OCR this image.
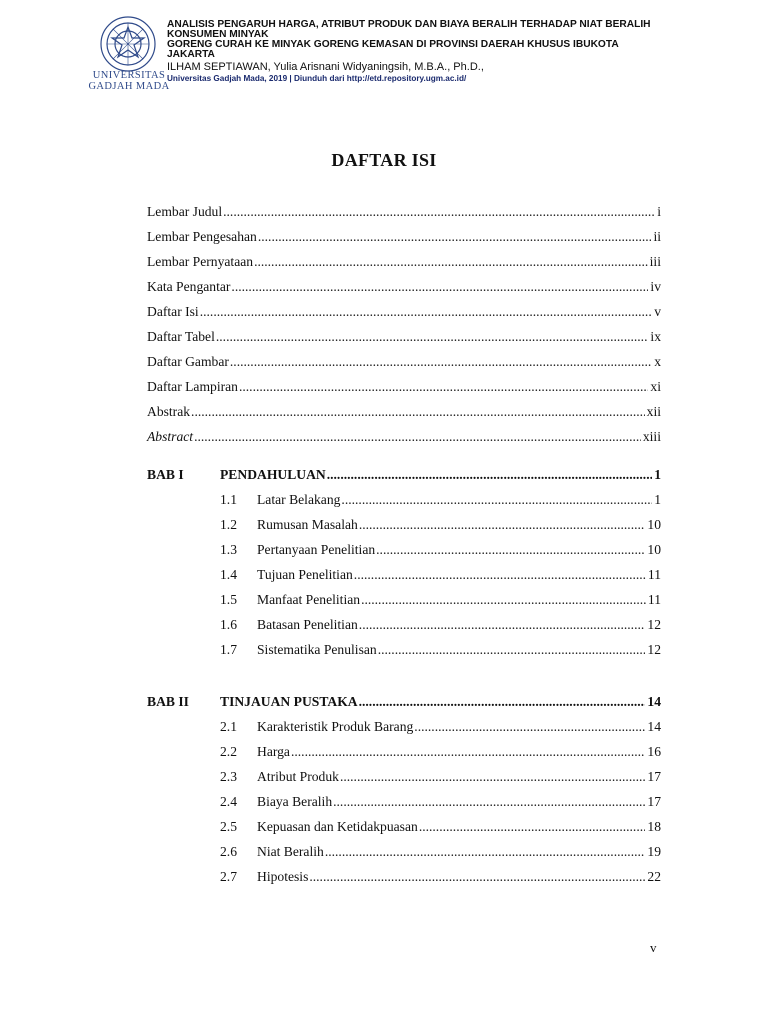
UNIVERSITAS
GADJAH MADA
ANALISIS PENGARUH HARGA, ATRIBUT PRODUK DAN BIAYA BERALIH TERHADAP NIAT BERALIH
KONSUMEN MINYAK
GORENG CURAH KE MINYAK GORENG KEMASAN DI PROVINSI DAERAH KHUSUS IBUKOTA
JAKARTA
ILHAM SEPTIAWAN, Yulia Arisnani Widyaningsih, M.B.A., Ph.D.,
Universitas Gadjah Mada, 2019 | Diunduh dari http://etd.repository.ugm.ac.id/
DAFTAR ISI
Lembar Judul .....	i
Lembar Pengesahan .....	ii
Lembar Pernyataan .....	iii
Kata Pengantar .....	iv
Daftar Isi .....	v
Daftar Tabel .....	ix
Daftar Gambar .....	x
Daftar Lampiran .....	xi
Abstrak .....	xii
Abstract .....	xiii
BAB I	PENDAHULUAN .....	1
1.1	Latar Belakang .....	1
1.2	Rumusan Masalah .....	10
1.3	Pertanyaan Penelitian .....	10
1.4	Tujuan Penelitian .....	11
1.5	Manfaat Penelitian .....	11
1.6	Batasan Penelitian .....	12
1.7	Sistematika Penulisan .....	12
BAB II	TINJAUAN PUSTAKA .....	14
2.1	Karakteristik Produk Barang .....	14
2.2	Harga .....	16
2.3	Atribut Produk .....	17
2.4	Biaya Beralih .....	17
2.5	Kepuasan dan Ketidakpuasan .....	18
2.6	Niat Beralih .....	19
2.7	Hipotesis .....	22
v
